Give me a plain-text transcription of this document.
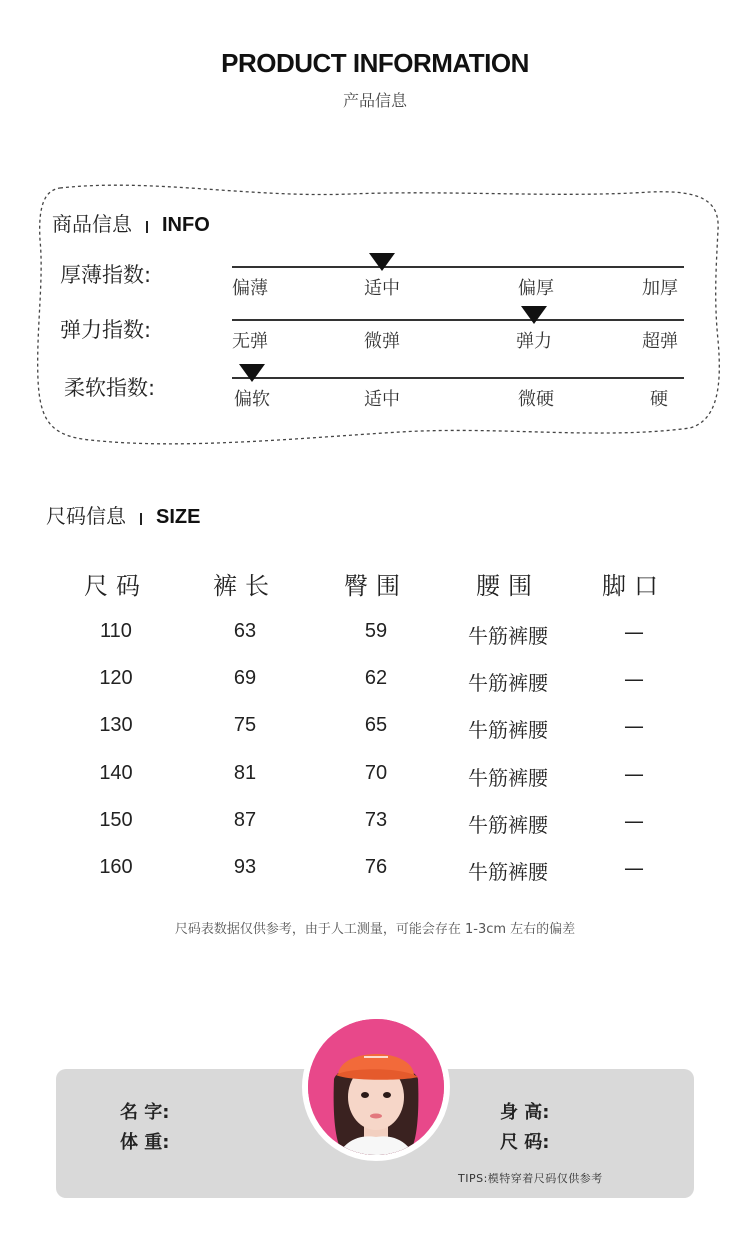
PRODUCT INFORMATION
产品信息
商品信息 INFO
厚薄指数:
偏薄	适中	偏厚	加厚
弹力指数:	无弹	微弹	弹力	超弹
柔软指数:	偏软	适中	微硬	硬
尺码信息 SIZE
尺码	裤长	臀围	腰围	脚口
110	63	59	牛筋裤腰	—
120	69	62	牛筋裤腰	—
130	75	65	牛筋裤腰	—
140	81	70	牛筋裤腰	—
150	87	73	牛筋裤腰	—
160	93	76	牛筋裤腰	—
尺码表数据仅供参考，由于人工测量，可能会存在 1-3cm 左右的偏差
名 字:
体 重:
身 高:
尺 码:
TIPS:模特穿着尺码仅供参考
